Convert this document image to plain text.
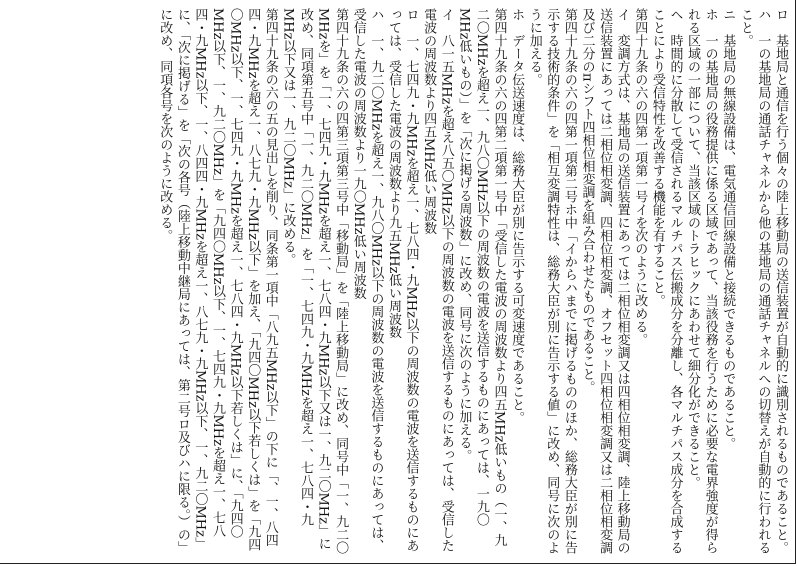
ロ　基地局と通信を行う個々の陸上移動局の送信装置が自動的に識別されるものであること。
ハ　一の基地局の通話チャネルから他の基地局の通話チャネルへの切替えが自動的に行われること。
ニ　基地局の無線設備は、電気通信回線設備と接続できるものであること。
ホ　一の基地局の役務提供に係る区域であって、当該役務を行うために必要な電界強度が得られる区域の一部について、当該区域のトラヒックにあわせて細分化ができること。
ヘ　時間的に分散して受信されるマルチパス伝搬成分を分離し、各マルチパス成分を合成することにより受信特性を改善する機能を有すること。
第四十九条の六の四第一項第一号イを次のように改める。
イ　変調方式は、基地局の送信装置にあっては二相位相変調又は四相位相変調、陸上移動局の送信装置にあっては二相位相変調、四相位相変調、オフセット四相位相変調又は二相位相変調及び二分のπシフト四相位相変調を組み合わせたものであること。
第四十九条の六の四第一項第二号ホ中「イからハまでに掲げるもののほか、総務大臣が別に告示する技術的条件」を「相互変調特性は、総務大臣が別に告示する値」に改め、同号に次のように加える。
ホ　データ伝送速度は、総務大臣が別に告示する可変速度であること。
第四十九条の六の四第二項第一号中「受信した電波の周波数より四五MHz低いもの（一、九二〇MHzを超え一、九八〇MHz以下の周波数の電波を送信するものにあっては、一九〇MHz低いもの）」を「次に掲げる周波数」に改め、同号に次のように加える。
イ　八一五MHzを超え八五〇MHz以下の周波数の電波を送信するものにあっては、受信した電波の周波数より四五MHz低い周波数
ロ　一、七四九・九MHzを超え一、七八四・九MHz以下の周波数の電波を送信するものにあっては、受信した電波の周波数より九五MHz低い周波数
ハ　一、九二〇MHzを超え一、九八〇MHz以下の周波数の電波を送信するものにあっては、受信した電波の周波数より一九〇MHz低い周波数
第四十九条の六の四第三項第三号中「移動局」を「陸上移動局」に改め、同号中「一、九二〇MHzを」を「一、七四九・九MHzを超え一、七八四・九MHz以下又は一、九二〇MHz」に改め、同項第五号中「一、九二〇MHz」を「一、七四九・九MHzを超え一、七八四・九MHz以下又は一、九二〇MHz」に改める。
第四十九条の六の五の見出しを削り、同条第一項中「八九五MHz以下」の下に「、一、八四四・九MHzを超え一、八七九・九MHz以下」を加え、「九四〇MHz以下若しくは」を「九四〇MHz以下、一、七四九・九MHzを超え一、七八四・九MHz以下若しくは」に、「九四〇MHz以下、一、九二〇MHz」を「九四〇MHz以下、一、七四九・九MHzを超え一、七八四・九MHz以下、一、八四四・九MHzを超え一、八七九・九MHz以下、一、九二〇MHz」に、「次に掲げる」を「次の各号（陸上移動中継局にあっては、第二号ロ及びハに限る。）の」に改め、同項各号を次のように改める。
